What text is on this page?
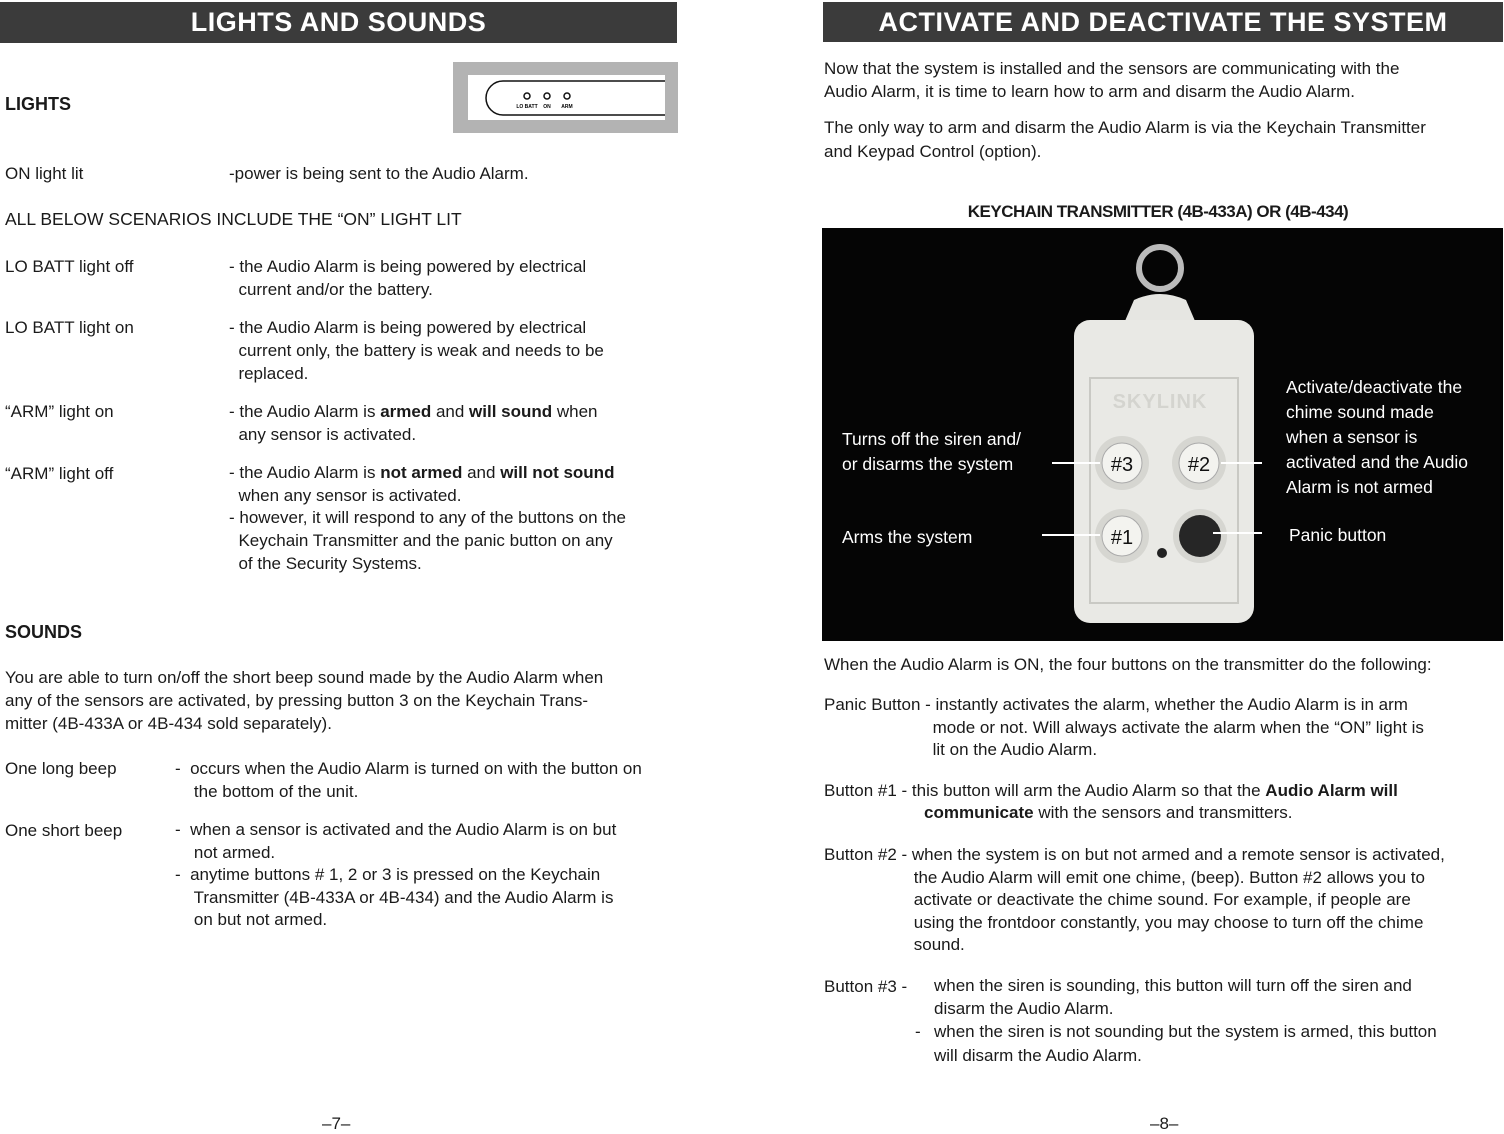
LIGHTS AND SOUNDS
LO BATT ON ARM
LIGHTS
ON light lit	-power is being sent to the Audio Alarm.
ALL BELOW SCENARIOS INCLUDE THE “ON” LIGHT LIT
LO BATT light off	- the Audio Alarm is being powered by electrical
current and/or the battery.
LO BATT light on	- the Audio Alarm is being powered by electrical
current only, the battery is weak and needs to be
replaced.
“ARM” light on	- the Audio Alarm is armed and will sound when
any sensor is activated.
“ARM” light off	- the Audio Alarm is not armed and will not sound
when any sensor is activated.
- however, it will respond to any of the buttons on the
Keychain Transmitter and the panic button on any
of the Security Systems.
SOUNDS
You are able to turn on/off the short beep sound made by the Audio Alarm when
any of the sensors are activated, by pressing button 3 on the Keychain Trans-
mitter (4B-433A or 4B-434 sold separately).
One long beep	-  occurs when the Audio Alarm is turned on with the button on
the bottom of the unit.
One short beep	-  when a sensor is activated and the Audio Alarm is on but
not armed.
-  anytime buttons # 1, 2 or 3 is pressed on the Keychain
Transmitter (4B-433A or 4B-434) and the Audio Alarm is
on but not armed.
–7–
ACTIVATE AND DEACTIVATE THE SYSTEM
Now that the system is installed and the sensors are communicating with the
Audio Alarm, it is time to learn how to arm and disarm the Audio Alarm.
The only way to arm and disarm the Audio Alarm is via the Keychain Transmitter
and Keypad Control (option).
KEYCHAIN TRANSMITTER (4B-433A) OR (4B-434)
SKYLINK
#3	#2
#1
Turns off the siren and/
or disarms the system
Arms the system
Activate/deactivate the
chime sound made
when a sensor is
activated and the Audio
Alarm is not armed
Panic button
When the Audio Alarm is ON, the four buttons on the transmitter do the following:
Panic Button - instantly activates the alarm, whether the Audio Alarm is in arm
mode or not. Will always activate the alarm when the “ON” light is
lit on the Audio Alarm.
Button #1 - this button will arm the Audio Alarm so that the Audio Alarm will
communicate with the sensors and transmitters.
Button #2 - when the system is on but not armed and a remote sensor is activated,
the Audio Alarm will emit one chime, (beep). Button #2 allows you to
activate or deactivate the chime sound. For example, if people are
using the frontdoor constantly, you may choose to turn off the chime
sound.
Button #3 - when the siren is sounding, this button will turn off the siren and
disarm the Audio Alarm.
- when the siren is not sounding but the system is armed, this button
will disarm the Audio Alarm.
–8–
